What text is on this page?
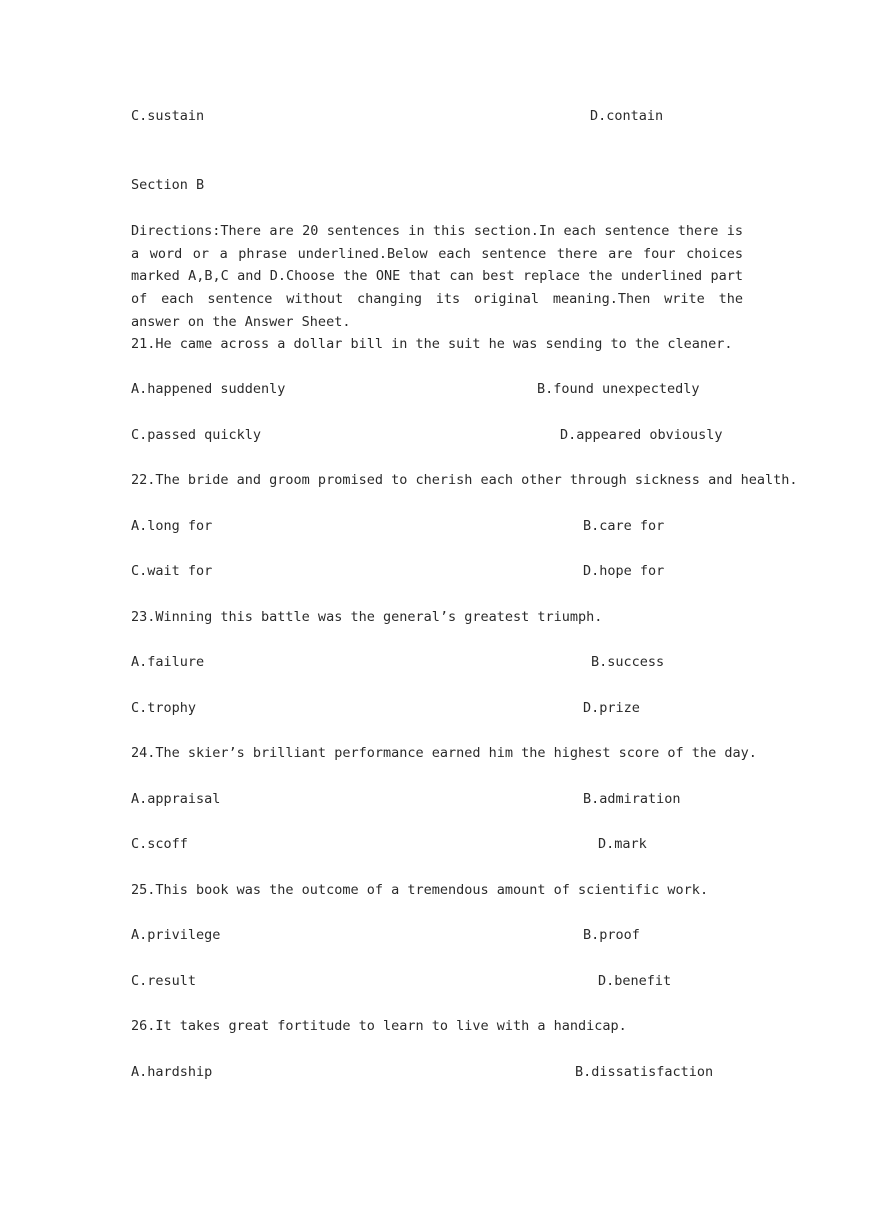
C.sustain	D.contain
Section B
Directions:There are 20 sentences in this section.In each sentence there is a word or a phrase underlined.Below each sentence there are four choices marked A,B,C and D.Choose the ONE that can best replace the underlined part of each sentence without changing its original meaning.Then write the answer on the Answer Sheet.
21.He came across a dollar bill in the suit he was sending to the cleaner.
A.happened suddenly	B.found unexpectedly
C.passed quickly	D.appeared obviously
22.The bride and groom promised to cherish each other through sickness and health.
A.long for	B.care for
C.wait for	D.hope for
23.Winning this battle was the general’s greatest triumph.
A.failure	B.success
C.trophy	D.prize
24.The skier’s brilliant performance earned him the highest score of the day.
A.appraisal	B.admiration
C.scoff	D.mark
25.This book was the outcome of a tremendous amount of scientific work.
A.privilege	B.proof
C.result	D.benefit
26.It takes great fortitude to learn to live with a handicap.
A.hardship	B.dissatisfaction
